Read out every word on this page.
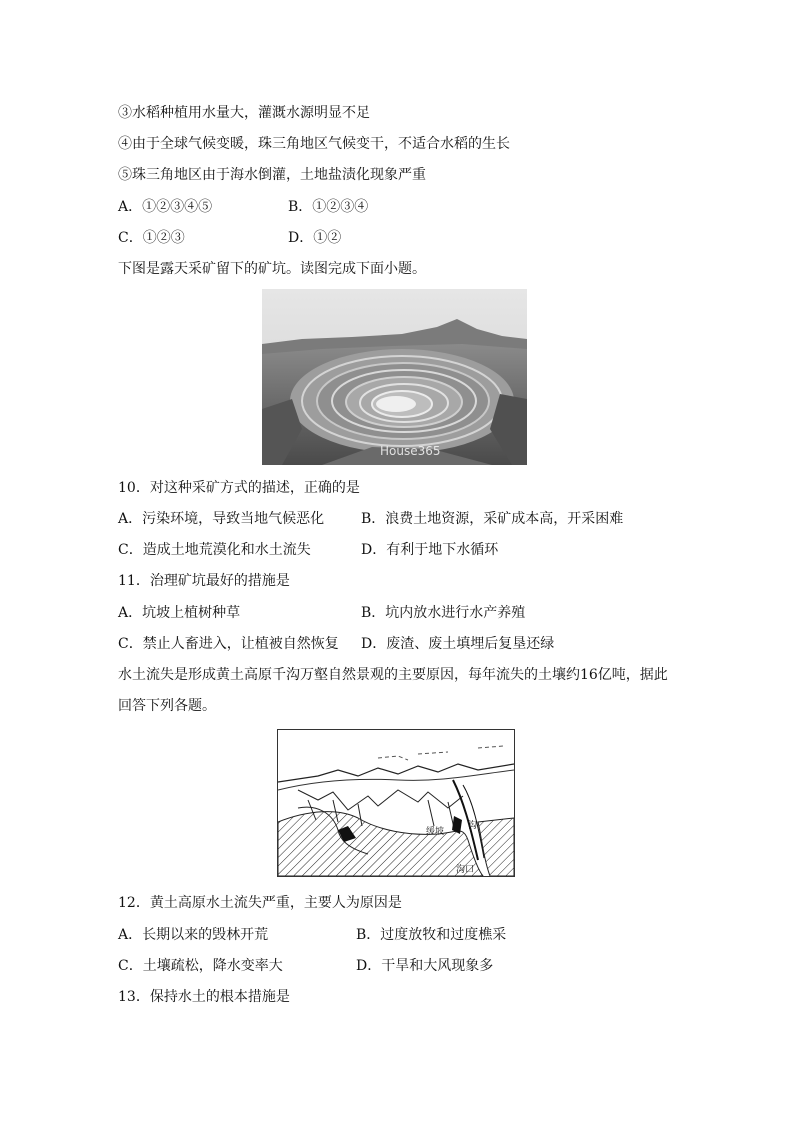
③水稻种植用水量大，灌溉水源明显不足
④由于全球气候变暖，珠三角地区气候变干，不适合水稻的生长
⑤珠三角地区由于海水倒灌，土地盐渍化现象严重
A．①②③④⑤	B．①②③④
C．①②③	D．①②
下图是露天采矿留下的矿坑。读图完成下面小题。
House365
10．对这种采矿方式的描述，正确的是
A．污染环境，导致当地气候恶化	B．浪费土地资源，采矿成本高，开采困难
C．造成土地荒漠化和水土流失	D．有利于地下水循环
11．治理矿坑最好的措施是
A．坑坡上植树种草	B．坑内放水进行水产养殖
C．禁止人畜进入，让植被自然恢复 D．废渣、废土填埋后复垦还绿
水土流失是形成黄土高原千沟万壑自然景观的主要原因，每年流失的土壤约16亿吨，据此
回答下列各题。
缓坡
沟
沟口
12．黄土高原水土流失严重，主要人为原因是
A．长期以来的毁林开荒	B．过度放牧和过度樵采
C．土壤疏松，降水变率大	D．干旱和大风现象多
13．保持水土的根本措施是
